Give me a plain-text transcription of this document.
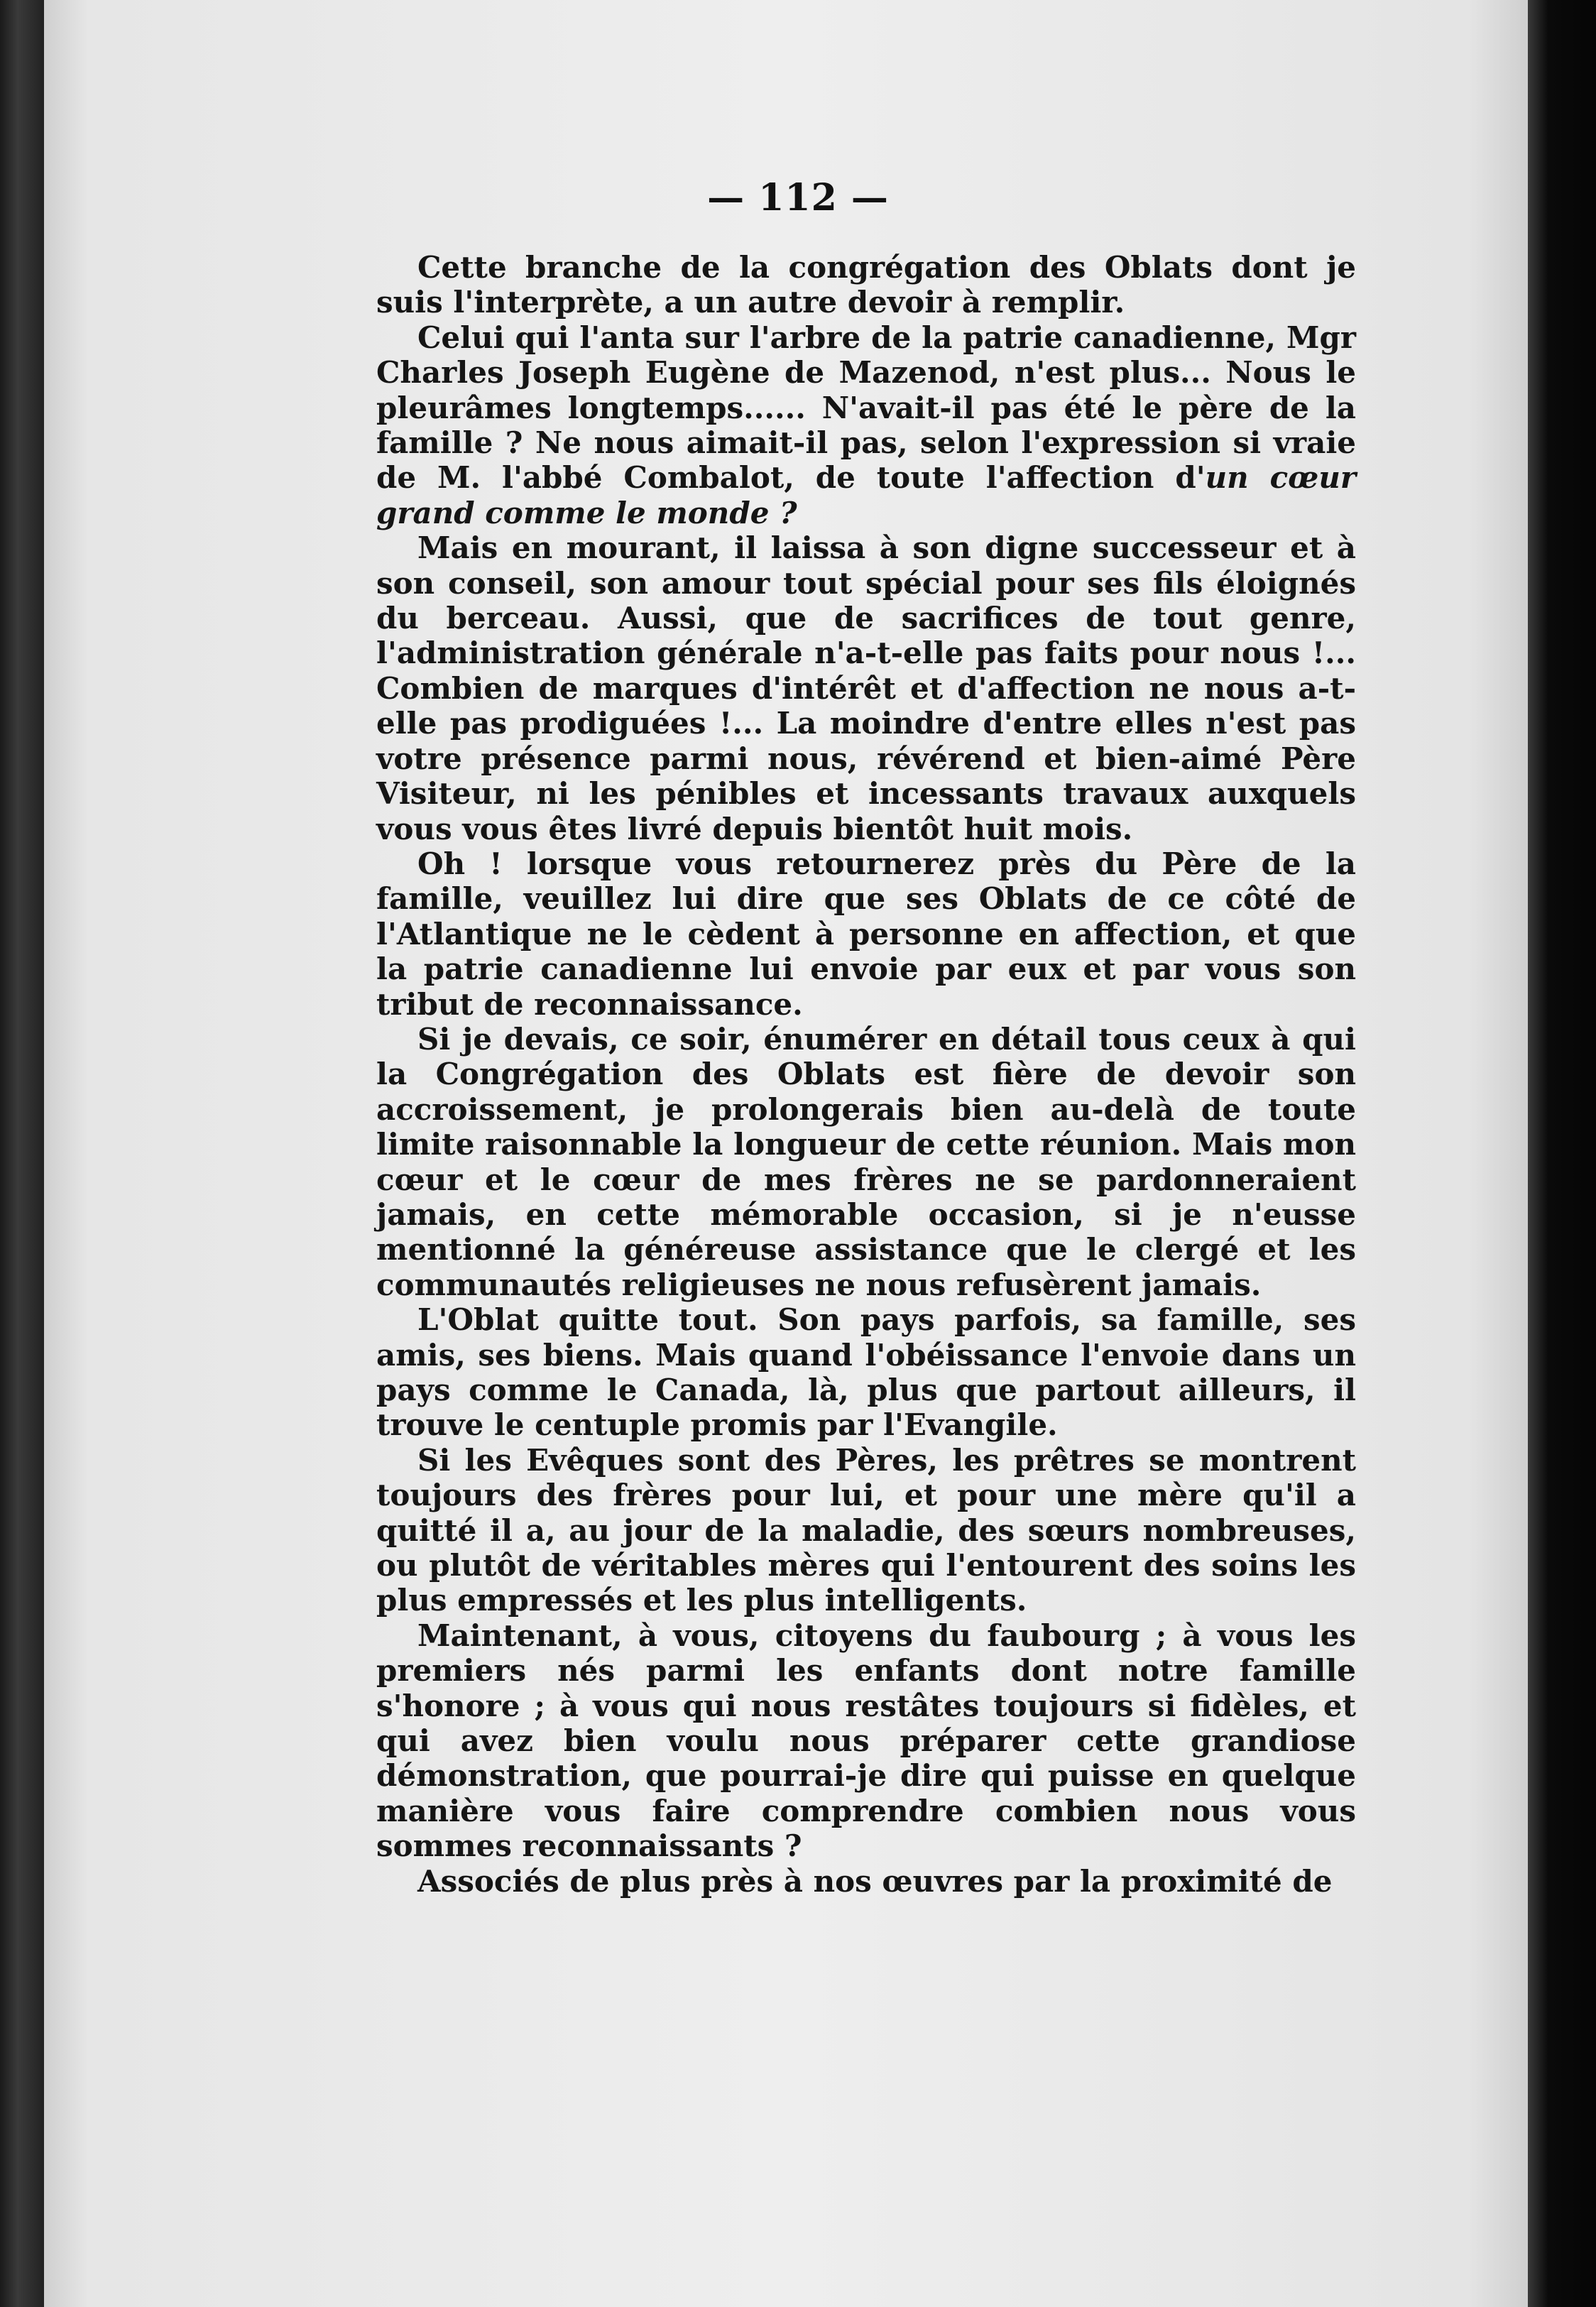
— 112 —

Cette branche de la congrégation des Oblats dont je suis l'interprète, a un autre devoir à remplir.

Celui qui l'anta sur l'arbre de la patrie canadienne, Mgr Charles Joseph Eugène de Mazenod, n'est plus... Nous le pleurâmes longtemps...... N'avait-il pas été le père de la famille ? Ne nous aimait-il pas, selon l'expression si vraie de M. l'abbé Combalot, de toute l'affection d'un cœur grand comme le monde ?

Mais en mourant, il laissa à son digne successeur et à son conseil, son amour tout spécial pour ses fils éloignés du berceau. Aussi, que de sacrifices de tout genre, l'administration générale n'a-t-elle pas faits pour nous !... Combien de marques d'intérêt et d'affection ne nous a-t-elle pas prodiguées !... La moindre d'entre elles n'est pas votre présence parmi nous, révérend et bien-aimé Père Visiteur, ni les pénibles et incessants travaux auxquels vous vous êtes livré depuis bientôt huit mois.

Oh ! lorsque vous retournerez près du Père de la famille, veuillez lui dire que ses Oblats de ce côté de l'Atlantique ne le cèdent à personne en affection, et que la patrie canadienne lui envoie par eux et par vous son tribut de reconnaissance.

Si je devais, ce soir, énumérer en détail tous ceux à qui la Congrégation des Oblats est fière de devoir son accroissement, je prolongerais bien au-delà de toute limite raisonnable la longueur de cette réunion. Mais mon cœur et le cœur de mes frères ne se pardonneraient jamais, en cette mémorable occasion, si je n'eusse mentionné la généreuse assistance que le clergé et les communautés religieuses ne nous refusèrent jamais.

L'Oblat quitte tout. Son pays parfois, sa famille, ses amis, ses biens. Mais quand l'obéissance l'envoie dans un pays comme le Canada, là, plus que partout ailleurs, il trouve le centuple promis par l'Evangile.

Si les Evêques sont des Pères, les prêtres se montrent toujours des frères pour lui, et pour une mère qu'il a quitté il a, au jour de la maladie, des sœurs nombreuses, ou plutôt de véritables mères qui l'entourent des soins les plus empressés et les plus intelligents.

Maintenant, à vous, citoyens du faubourg ; à vous les premiers nés parmi les enfants dont notre famille s'honore ; à vous qui nous restâtes toujours si fidèles, et qui avez bien voulu nous préparer cette grandiose démonstration, que pourrai-je dire qui puisse en quelque manière vous faire comprendre combien nous vous sommes reconnaissants ?

Associés de plus près à nos œuvres par la proximité de
